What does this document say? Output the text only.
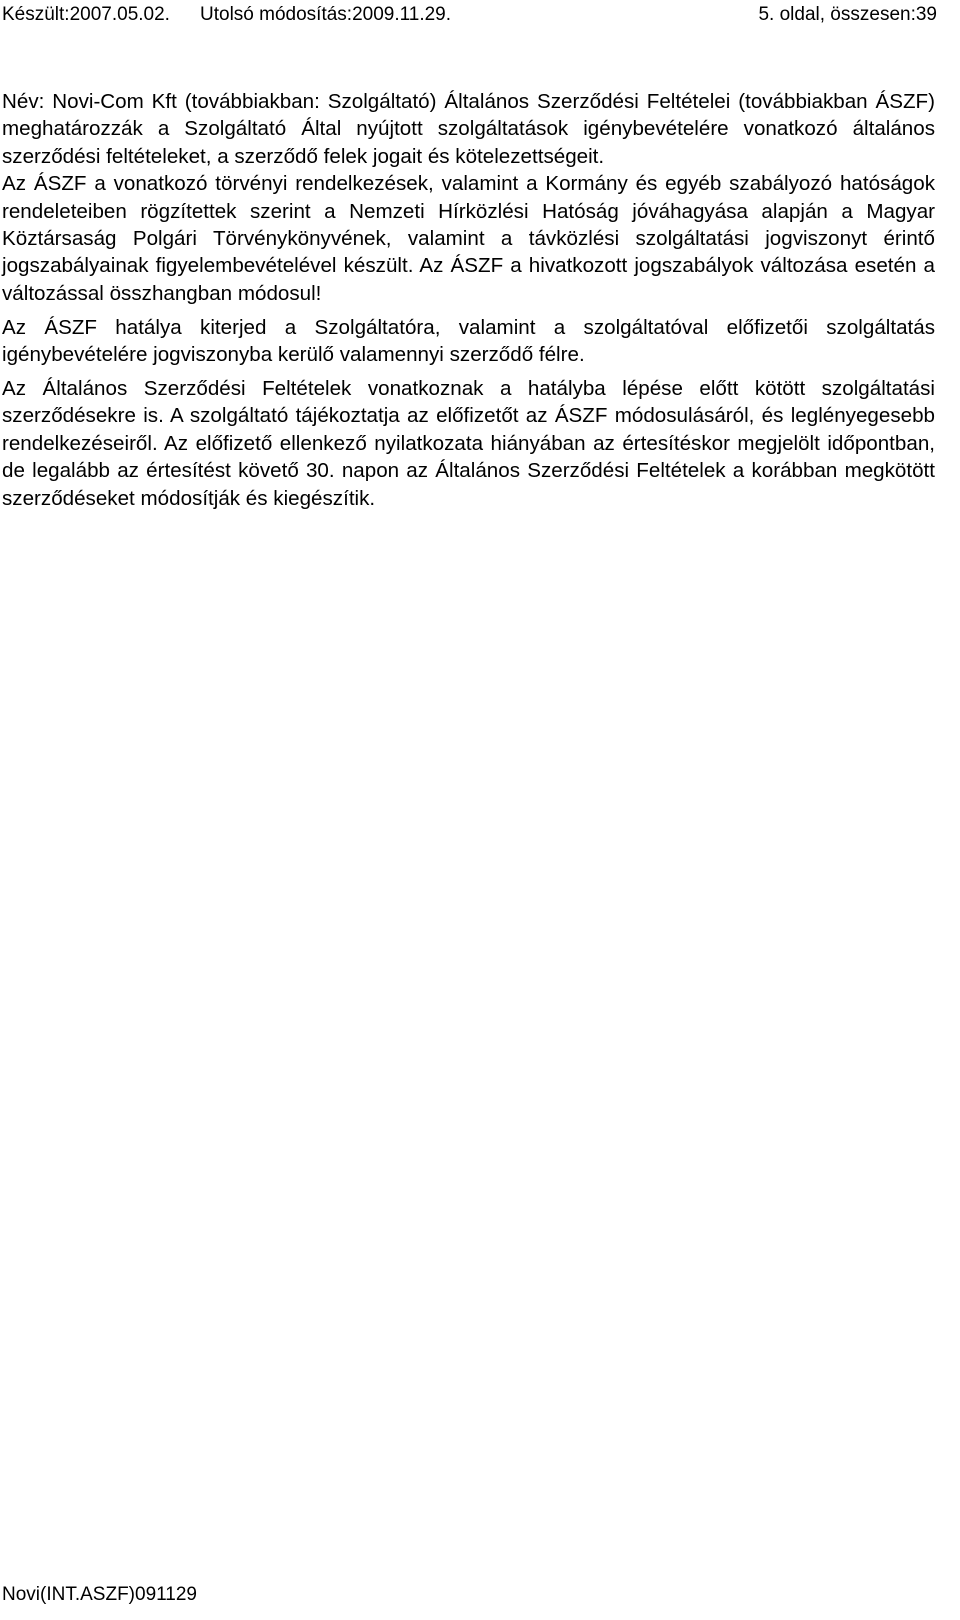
Készült:2007.05.02. Utolsó módosítás:2009.11.29.	5. oldal, összesen:39

Név: Novi-Com Kft (továbbiakban: Szolgáltató) Általános Szerződési Feltételei (továbbiakban ÁSZF) meghatározzák a Szolgáltató Által nyújtott szolgáltatások igénybevételére vonatkozó általános szerződési feltételeket, a szerződő felek jogait és kötelezettségeit.

Az ÁSZF a vonatkozó törvényi rendelkezések, valamint a Kormány és egyéb szabályozó hatóságok rendeleteiben rögzítettek szerint a Nemzeti Hírközlési Hatóság jóváhagyása alapján a Magyar Köztársaság Polgári Törvénykönyvének, valamint a távközlési szolgáltatási jogviszonyt érintő jogszabályainak figyelembevételével készült. Az ÁSZF a hivatkozott jogszabályok változása esetén a változással összhangban módosul!

Az ÁSZF hatálya kiterjed a Szolgáltatóra, valamint a szolgáltatóval előfizetői szolgáltatás igénybevételére jogviszonyba kerülő valamennyi szerződő félre.

Az Általános Szerződési Feltételek vonatkoznak a hatályba lépése előtt kötött szolgáltatási szerződésekre is. A szolgáltató tájékoztatja az előfizetőt az ÁSZF módosulásáról, és leglényegesebb rendelkezéseiről. Az előfizető ellenkező nyilatkozata hiányában az értesítéskor megjelölt időpontban, de legalább az értesítést követő 30. napon az Általános Szerződési Feltételek a korábban megkötött szerződéseket módosítják és kiegészítik.

Novi(INT.ASZF)091129
